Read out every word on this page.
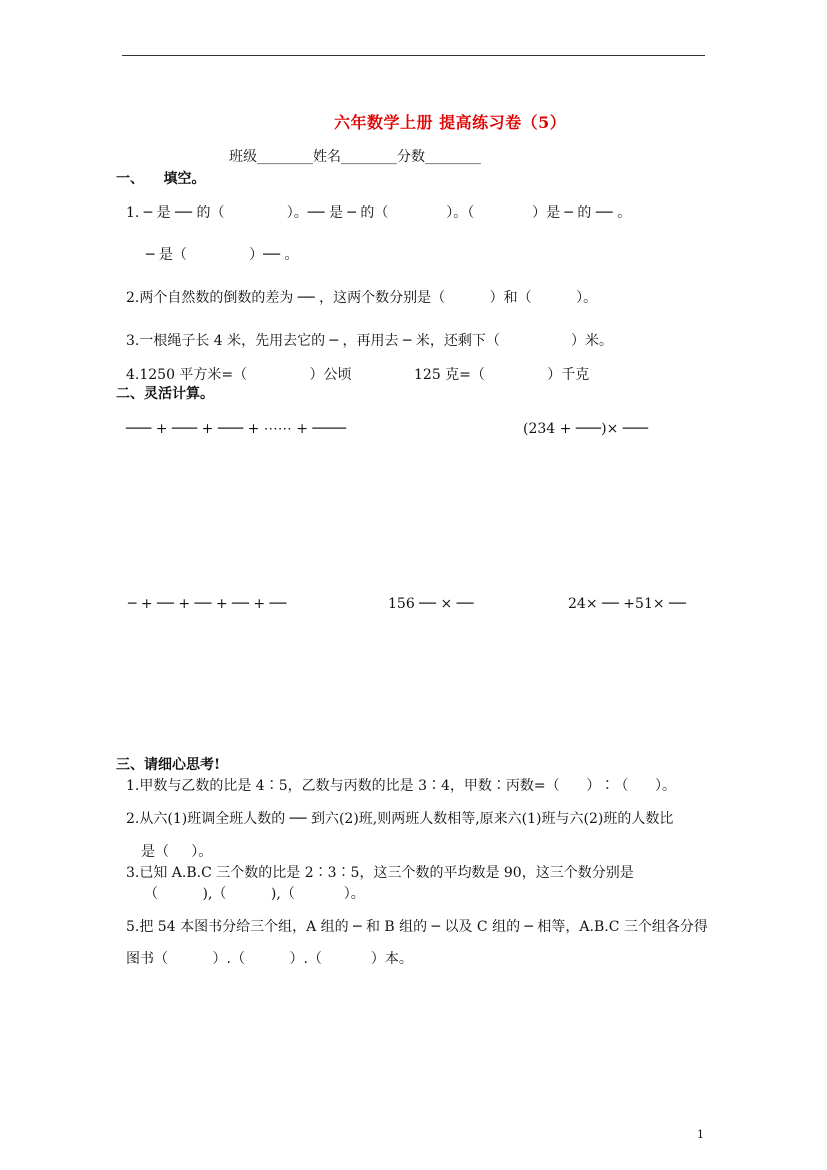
六年数学上册 提高练习卷（5）
班级________姓名________分数________
一、    填空。
1. ─ 是 ── 的（              ）。── 是 ─ 的（             ）。（             ）是 ─ 的 ── 。
─ 是（              ）── 。
2.两个自然数的倒数的差为 ── ，这两个数分别是（          ）和（          ）。
3.一根绳子长 4 米，先用去它的 ─ ，再用去 ─ 米，还剩下（                ）米。
4.1250 平方米=（              ）公顷	125 克=（              ）千克
二、灵活计算。
─── + ─── + ─── + ⋯⋯ + ────	(234 + ───)× ───
─ + ── + ── + ── + ──	156 ── × ──	24× ── +51× ──
三、请细心思考!
1.甲数与乙数的比是 4∶5，乙数与丙数的比是 3∶4，甲数∶丙数=（      ）∶（      ）。
2.从六(1)班调全班人数的 ── 到六(2)班,则两班人数相等,原来六(1)班与六(2)班的人数比
是（     ）。
3.已知 A.B.C 三个数的比是 2∶3∶5，这三个数的平均数是 90，这三个数分别是
（          ),（          ),（           ）。
5.把 54 本图书分给三个组，A 组的 ─ 和 B 组的 ─ 以及 C 组的 ─ 相等，A.B.C 三个组各分得
图书（          ）.（          ）.（           ）本。
1
